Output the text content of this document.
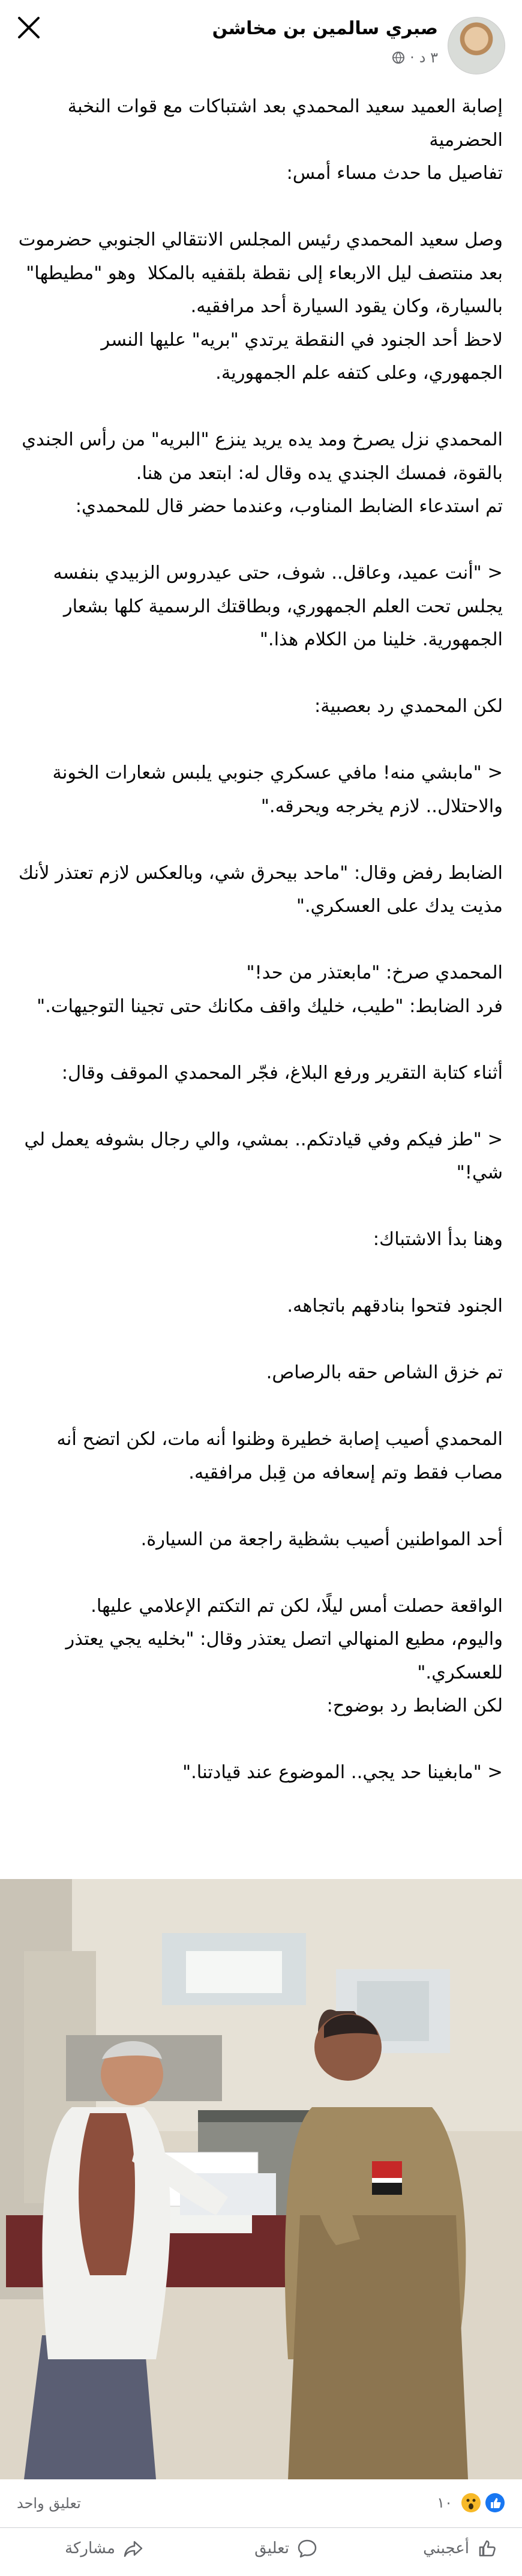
صبري سالمين بن مخاشن
٣ د
·
إصابة العميد سعيد المحمدي بعد اشتباكات مع قوات النخبة الحضرمية
تفاصيل ما حدث مساء أمس:

وصل سعيد المحمدي رئيس المجلس الانتقالي الجنوبي حضرموت بعد منتصف ليل الاربعاء إلى نقطة بلقفيه بالمكلا  وهو "مطيطها" بالسيارة، وكان يقود السيارة أحد مرافقيه.
لاحظ أحد الجنود في النقطة يرتدي "بريه" عليها النسر الجمهوري، وعلى كتفه علم الجمهورية.

المحمدي نزل يصرخ ومد يده يريد ينزع "البريه" من رأس الجندي بالقوة، فمسك الجندي يده وقال له: ابتعد من هنا.
تم استدعاء الضابط المناوب، وعندما حضر قال للمحمدي:

< "أنت عميد، وعاقل.. شوف، حتى عيدروس الزبيدي بنفسه يجلس تحت العلم الجمهوري، وبطاقتك الرسمية كلها بشعار الجمهورية. خلينا من الكلام هذا."

لكن المحمدي رد بعصبية:

< "مابشي منه! مافي عسكري جنوبي يلبس شعارات الخونة والاحتلال.. لازم يخرجه ويحرقه."

الضابط رفض وقال: "ماحد بيحرق شي، وبالعكس لازم تعتذر لأنك مذيت يدك على العسكري."

المحمدي صرخ: "مابعتذر من حد!"
فرد الضابط: "طيب، خليك واقف مكانك حتى تجينا التوجيهات."

أثناء كتابة التقرير ورفع البلاغ، فجّر المحمدي الموقف وقال:

< "طز فيكم وفي قيادتكم.. بمشي، والي رجال بشوفه يعمل لي شي!"

وهنا بدأ الاشتباك:

الجنود فتحوا بنادقهم باتجاهه.

تم خزق الشاص حقه بالرصاص.

المحمدي أصيب إصابة خطيرة وظنوا أنه مات، لكن اتضح أنه مصاب فقط وتم إسعافه من قِبل مرافقيه.

أحد المواطنين أصيب بشظية راجعة من السيارة.

الواقعة حصلت أمس ليلًا، لكن تم التكتم الإعلامي عليها.
واليوم، مطيع المنهالي اتصل يعتذر وقال: "بخليه يجي يعتذر للعسكري."
لكن الضابط رد بوضوح:

< "مابغينا حد يجي.. الموضوع عند قيادتنا."
١٠
تعليق واحد
أعجبني
تعليق
مشاركة
